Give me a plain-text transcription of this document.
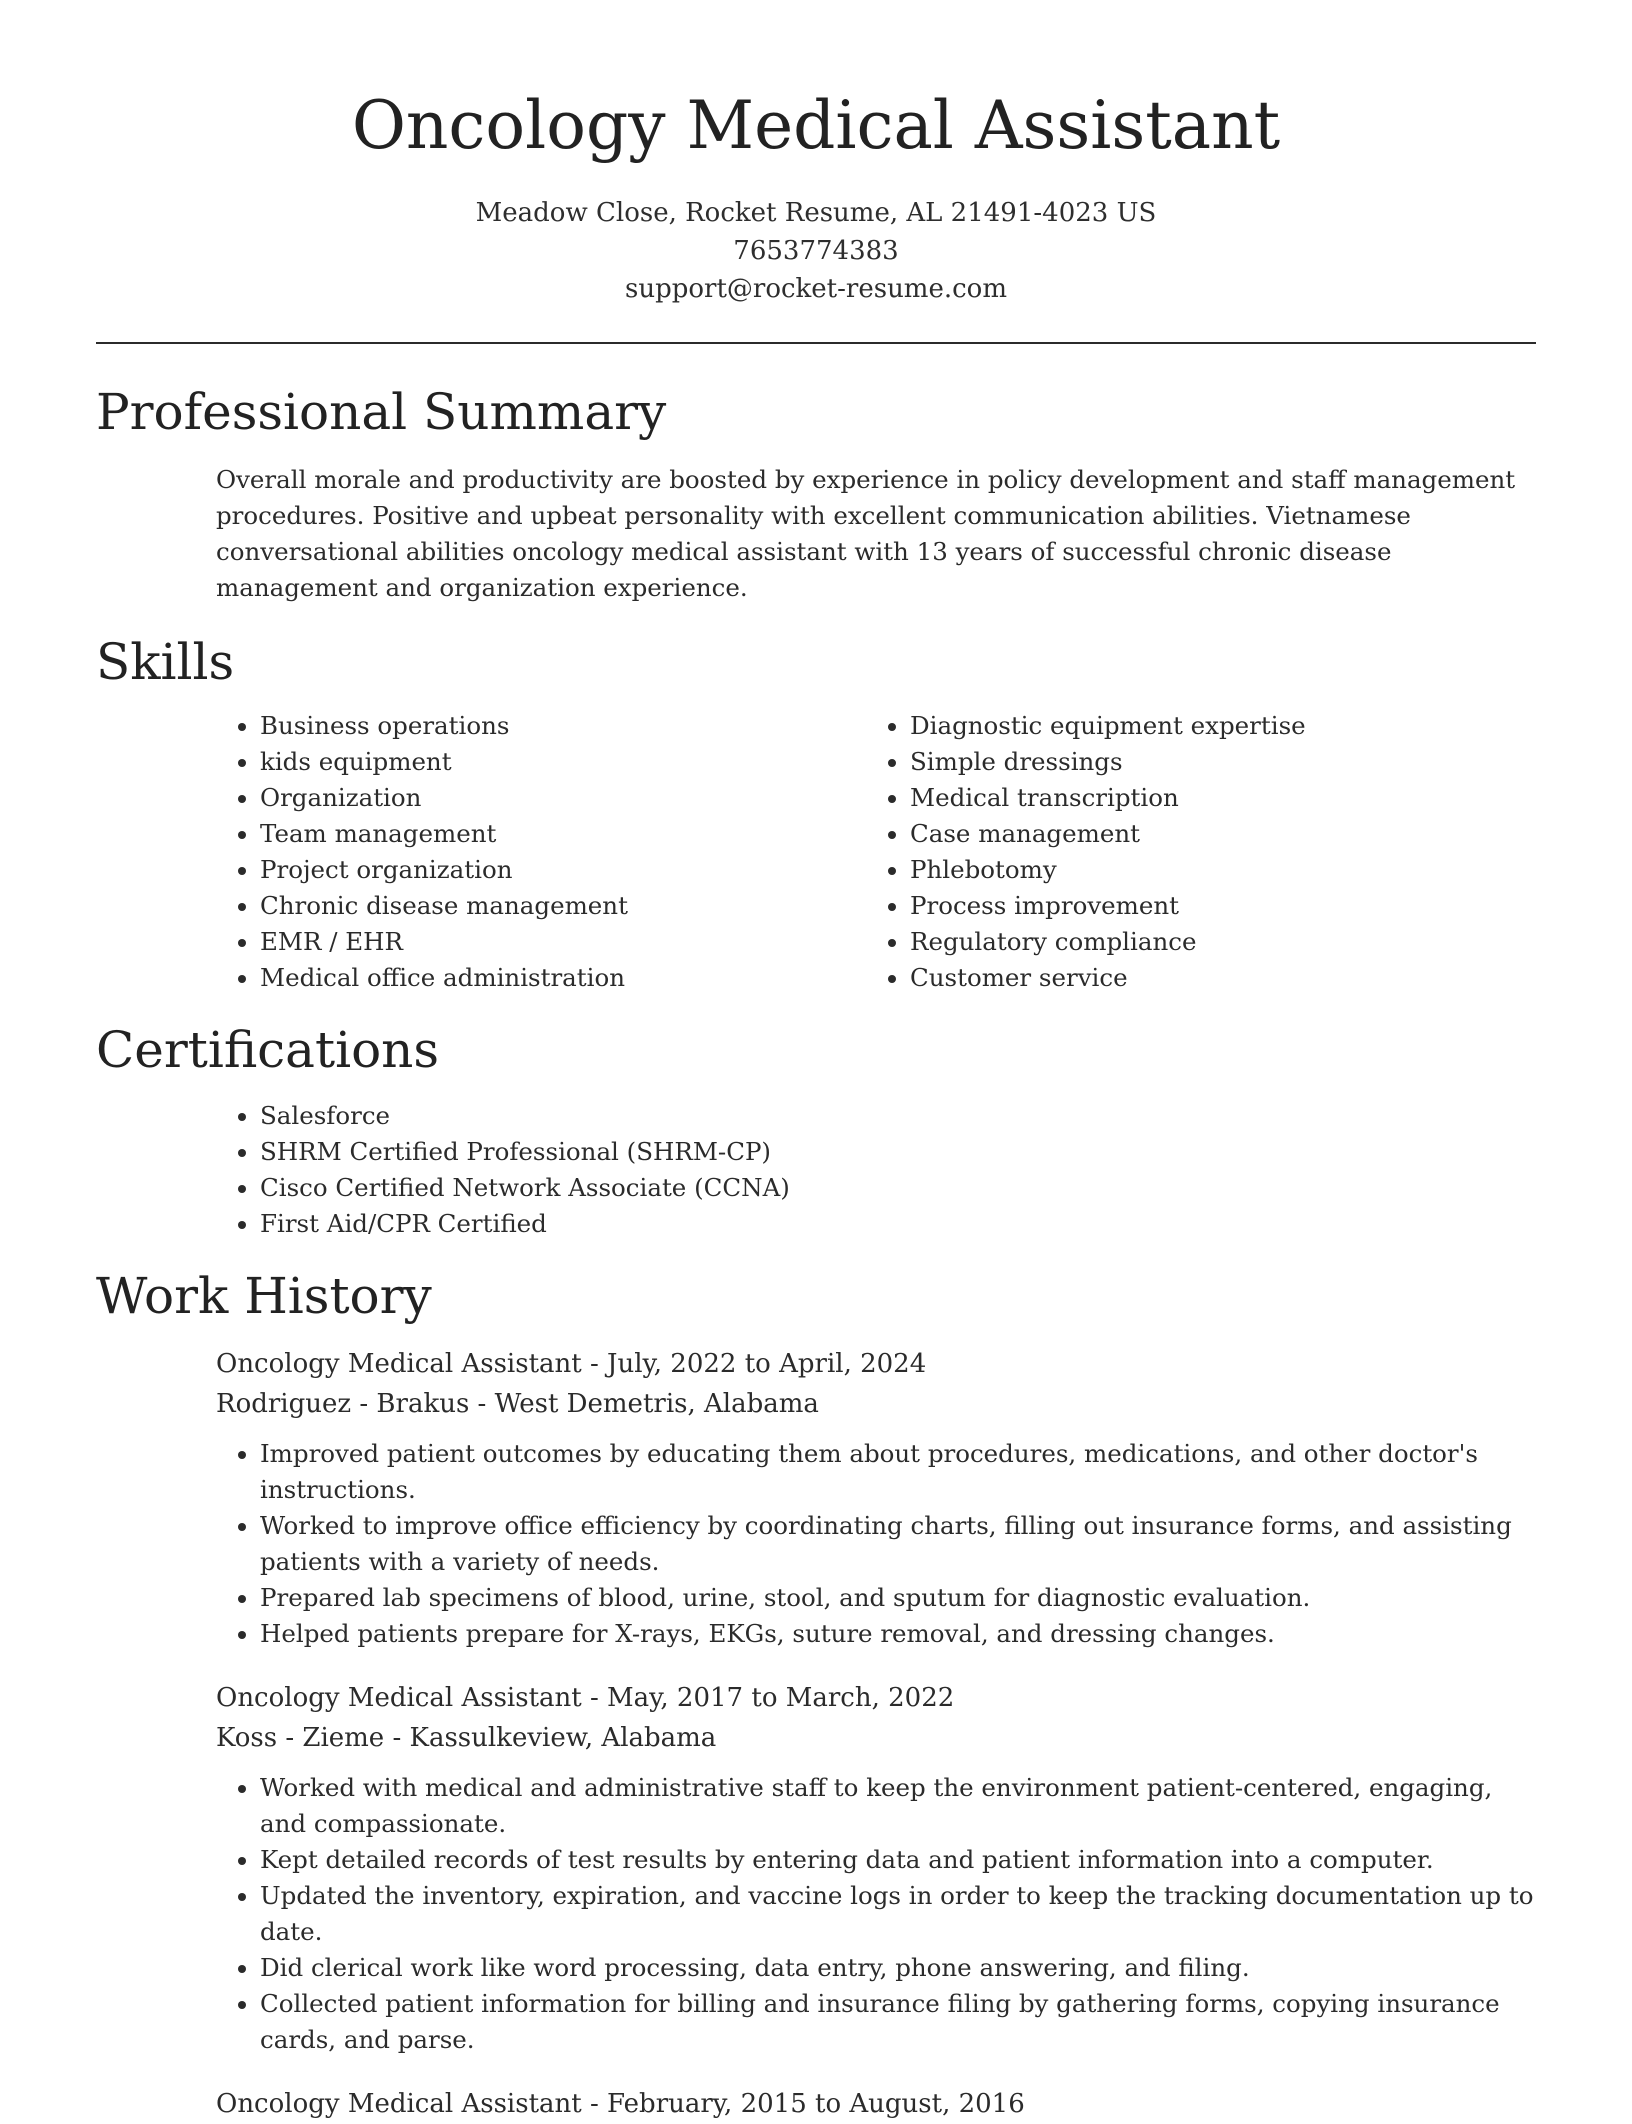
Oncology Medical Assistant
Meadow Close, Rocket Resume, AL 21491-4023 US
7653774383
support@rocket-resume.com
Professional Summary

Overall morale and productivity are boosted by experience in policy development and staff management procedures. Positive and upbeat personality with excellent communication abilities. Vietnamese conversational abilities oncology medical assistant with 13 years of successful chronic disease management and organization experience.

Skills
• Business operations
• kids equipment
• Organization
• Team management
• Project organization
• Chronic disease management
• EMR / EHR
• Medical office administration
• Diagnostic equipment expertise
• Simple dressings
• Medical transcription
• Case management
• Phlebotomy
• Process improvement
• Regulatory compliance
• Customer service
Certifications
• Salesforce
• SHRM Certified Professional (SHRM-CP)
• Cisco Certified Network Associate (CCNA)
• First Aid/CPR Certified
Work History
Oncology Medical Assistant - July, 2022 to April, 2024
Rodriguez - Brakus - West Demetris, Alabama
• Improved patient outcomes by educating them about procedures, medications, and other doctor's instructions.
• Worked to improve office efficiency by coordinating charts, filling out insurance forms, and assisting patients with a variety of needs.
• Prepared lab specimens of blood, urine, stool, and sputum for diagnostic evaluation.
• Helped patients prepare for X-rays, EKGs, suture removal, and dressing changes.
Oncology Medical Assistant - May, 2017 to March, 2022
Koss - Zieme - Kassulkeview, Alabama
• Worked with medical and administrative staff to keep the environment patient-centered, engaging, and compassionate.
• Kept detailed records of test results by entering data and patient information into a computer.
• Updated the inventory, expiration, and vaccine logs in order to keep the tracking documentation up to date.
• Did clerical work like word processing, data entry, phone answering, and filing.
• Collected patient information for billing and insurance filing by gathering forms, copying insurance cards, and parse.
Oncology Medical Assistant - February, 2015 to August, 2016
